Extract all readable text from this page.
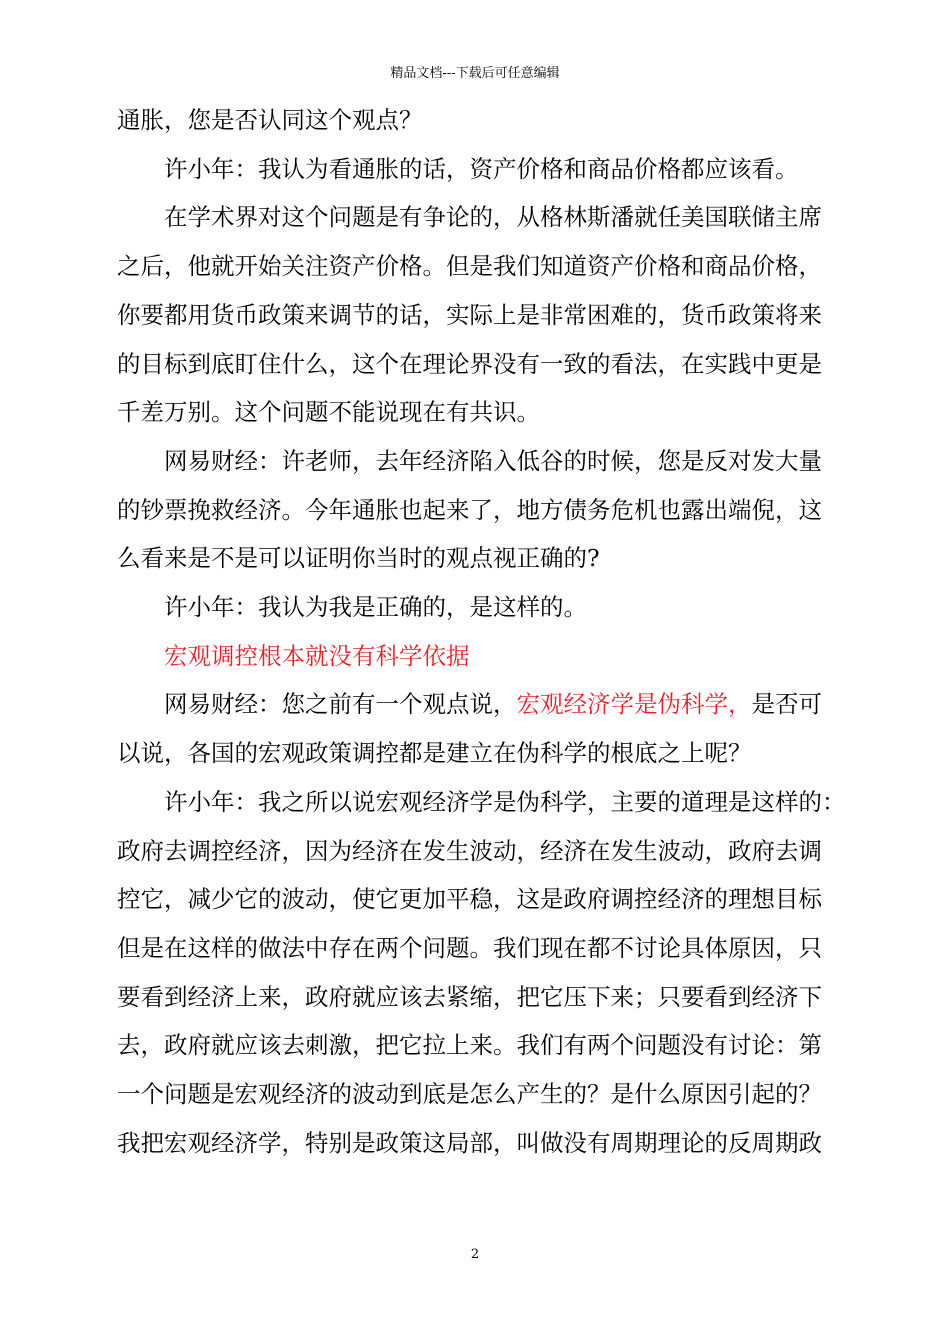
精品文档---下载后可任意编辑

通胀，您是否认同这个观点？

许小年：我认为看通胀的话，资产价格和商品价格都应该看。

在学术界对这个问题是有争论的，从格林斯潘就任美国联储主席

之后，他就开始关注资产价格。但是我们知道资产价格和商品价格，

你要都用货币政策来调节的话，实际上是非常困难的，货币政策将来

的目标到底盯住什么，这个在理论界没有一致的看法，在实践中更是

千差万别。这个问题不能说现在有共识。

网易财经：许老师，去年经济陷入低谷的时候，您是反对发大量

的钞票挽救经济。今年通胀也起来了，地方债务危机也露出端倪，这

么看来是不是可以证明你当时的观点视正确的?

许小年：我认为我是正确的，是这样的。

宏观调控根本就没有科学依据

网易财经：您之前有一个观点说，宏观经济学是伪科学，是否可

以说，各国的宏观政策调控都是建立在伪科学的根底之上呢？

许小年：我之所以说宏观经济学是伪科学，主要的道理是这样的：

政府去调控经济，因为经济在发生波动，经济在发生波动，政府去调

控它，减少它的波动，使它更加平稳，这是政府调控经济的理想目标

但是在这样的做法中存在两个问题。我们现在都不讨论具体原因，只

要看到经济上来，政府就应该去紧缩，把它压下来；只要看到经济下

去，政府就应该去刺激，把它拉上来。我们有两个问题没有讨论：第

一个问题是宏观经济的波动到底是怎么产生的？是什么原因引起的？

我把宏观经济学，特别是政策这局部，叫做没有周期理论的反周期政

2
